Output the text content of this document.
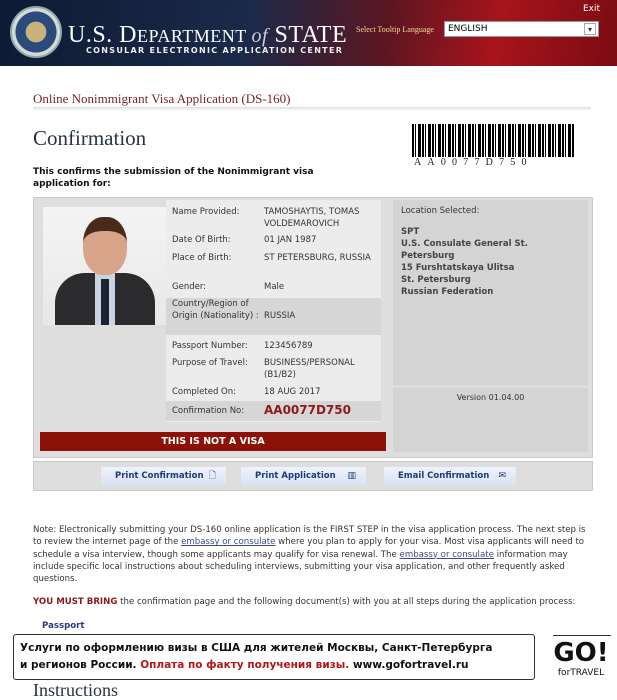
U.S. DEPARTMENT of STATE
CONSULAR ELECTRONIC APPLICATION CENTER
Exit
Select Tooltip Language	ENGLISH	▾
Online Nonimmigrant Visa Application (DS-160)
Confirmation
AA0077D750
This confirms the submission of the Nonimmigrant visa application for:
Name Provided:	TAMOSHAYTIS, TOMAS VOLDEMAROVICH
Date Of Birth:	01 JAN 1987
Place of Birth:	ST PETERSBURG, RUSSIA
Gender:	Male
Country/Region of Origin (Nationality) : RUSSIA
Passport Number:	123456789
Purpose of Travel:	BUSINESS/PERSONAL (B1/B2)
Completed On:	18 AUG 2017
Confirmation No:	AA0077D750
THIS IS NOT A VISA
Location Selected:
SPT
U.S. Consulate General St. Petersburg
15 Furshtatskaya Ulitsa
St. Petersburg
Russian Federation
Version 01.04.00
Print Confirmation 🗋	Print Application ▥	Email Confirmation ✉
Note: Electronically submitting your DS-160 online application is the FIRST STEP in the visa application process. The next step is to review the internet page of the embassy or consulate where you plan to apply for your visa. Most visa applicants will need to schedule a visa interview, though some applicants may qualify for visa renewal. The embassy or consulate information may include specific local instructions about scheduling interviews, submitting your visa application, and other frequently asked questions.
YOU MUST BRING the confirmation page and the following document(s) with you at all steps during the application process:
Passport
Instructions
Услуги по оформлению визы в США для жителей Москвы, Санкт-Петербурга
и регионов России. Оплата по факту получения визы. www.gofortravel.ru	GO!
forTRAVEL
